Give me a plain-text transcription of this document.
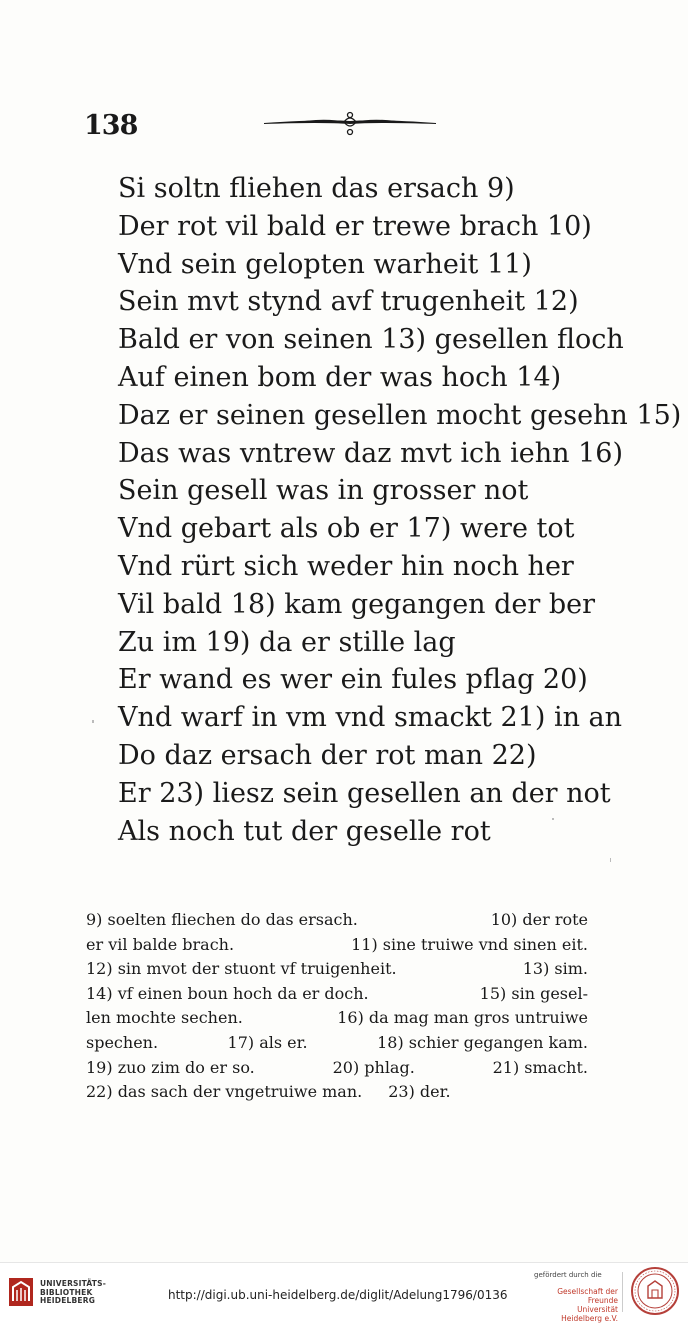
138
Si soltn fliehen das ersach 9)
Der rot vil bald er trewe brach 10)
Vnd sein gelopten warheit 11)
Sein mvt stynd avf trugenheit 12)
Bald er von seinen 13) gesellen floch
Auf einen bom der was hoch 14)
Daz er seinen gesellen mocht gesehn 15)
Das was vntrew daz mvt ich iehn 16)
Sein gesell was in grosser not
Vnd gebart als ob er 17) were tot
Vnd rürt sich weder hin noch her
Vil bald 18) kam gegangen der ber
Zu im 19) da er stille lag
Er wand es wer ein fules pflag 20)
Vnd warf in vm vnd smackt 21) in an
Do daz ersach der rot man 22)
Er 23) liesz sein gesellen an der not
Als noch tut der geselle rot
9) soelten fliechen do das ersach.	10) der rote
er vil balde brach.	11) sine truiwe vnd sinen eit.
12) sin mvot der stuont vf truigenheit.	13) sim.
14) vf einen boun hoch da er doch.	15) sin gesel-
len mochte sechen.	16) da mag man gros untruiwe
spechen.	17) als er.	18) schier gegangen kam.
19) zuo zim do er so.	20) phlag.	21) smacht.
22) das sach der vngetruiwe man. 23) der.
UNIVERSITÄTS-
BIBLIOTHEK
HEIDELBERG	http://digi.ub.uni-heidelberg.de/diglit/Adelung1796/0136
gefördert durch die
Gesellschaft der Freunde
Universität Heidelberg e.V.
